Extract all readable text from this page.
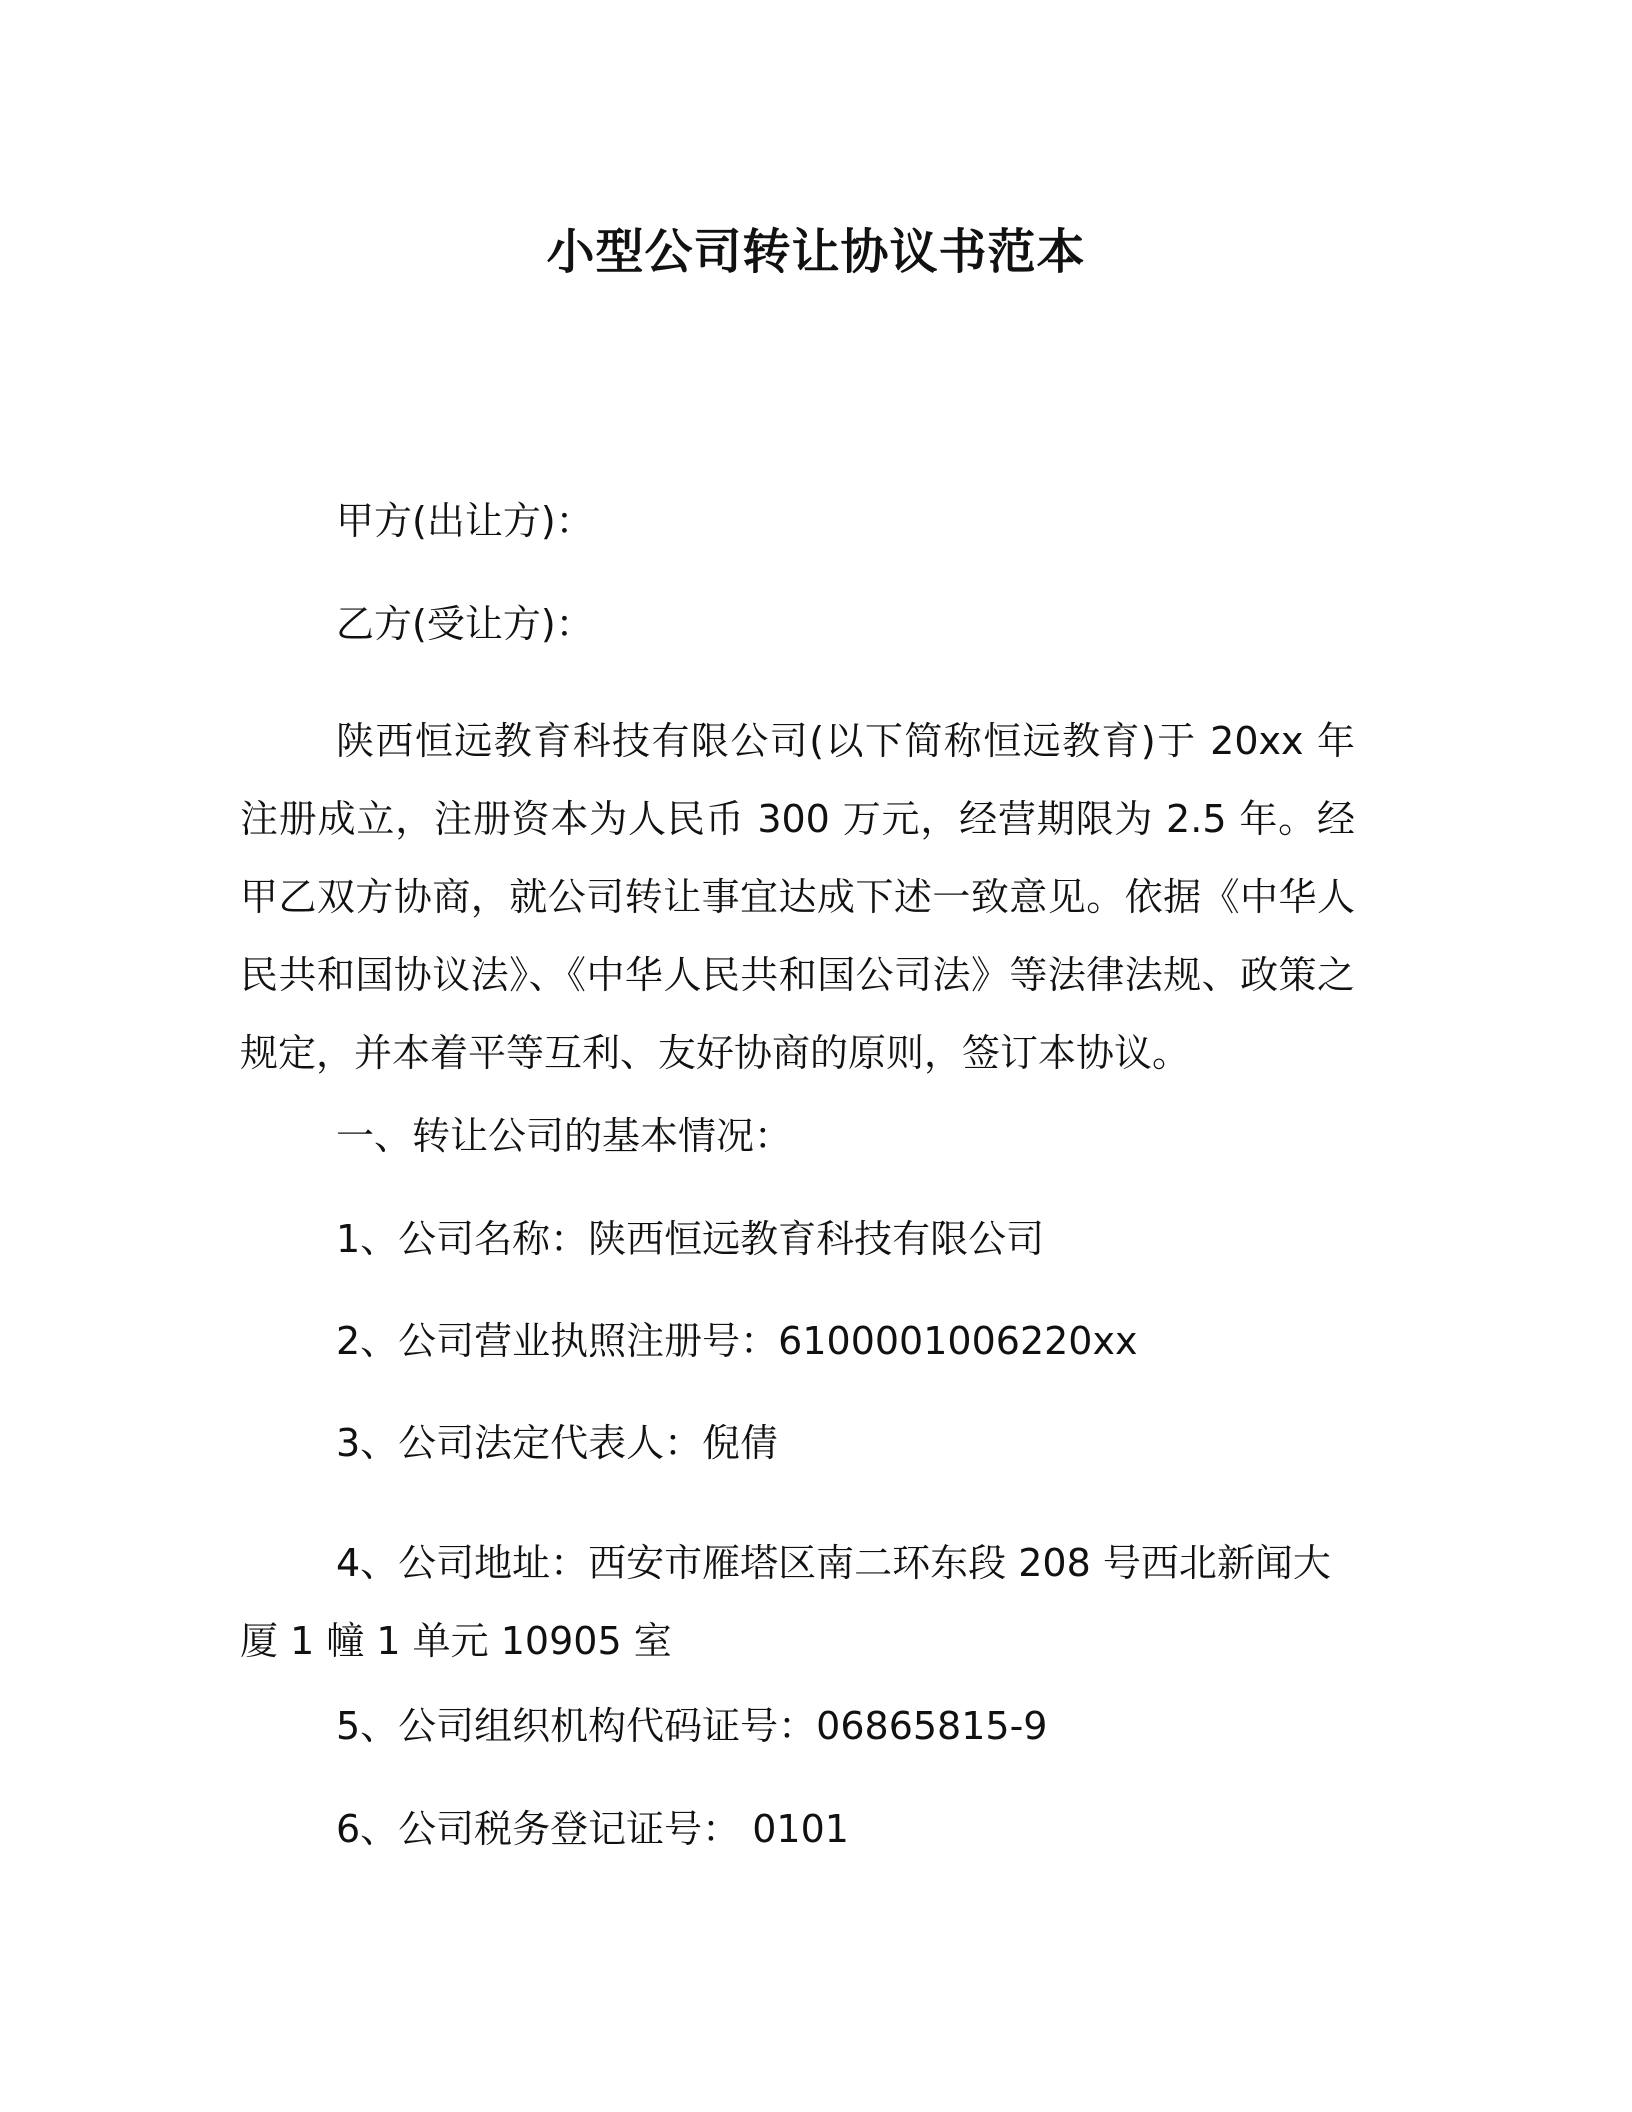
小型公司转让协议书范本
甲方(出让方)：
乙方(受让方)：
陕西恒远教育科技有限公司(以下简称恒远教育)于 20xx 年注册成立，注册资本为人民币 300 万元，经营期限为 2.5 年。经甲乙双方协商，就公司转让事宜达成下述一致意见。依据《中华人民共和国协议法》、《中华人民共和国公司法》等法律法规、政策之规定，并本着平等互利、友好协商的原则，签订本协议。
一、转让公司的基本情况：
1、公司名称：陕西恒远教育科技有限公司
2、公司营业执照注册号：6100001006220xx
3、公司法定代表人：倪倩
4、公司地址：西安市雁塔区南二环东段 208 号西北新闻大厦 1 幢 1 单元 10905 室
5、公司组织机构代码证号：06865815-9
6、公司税务登记证号： 0101
